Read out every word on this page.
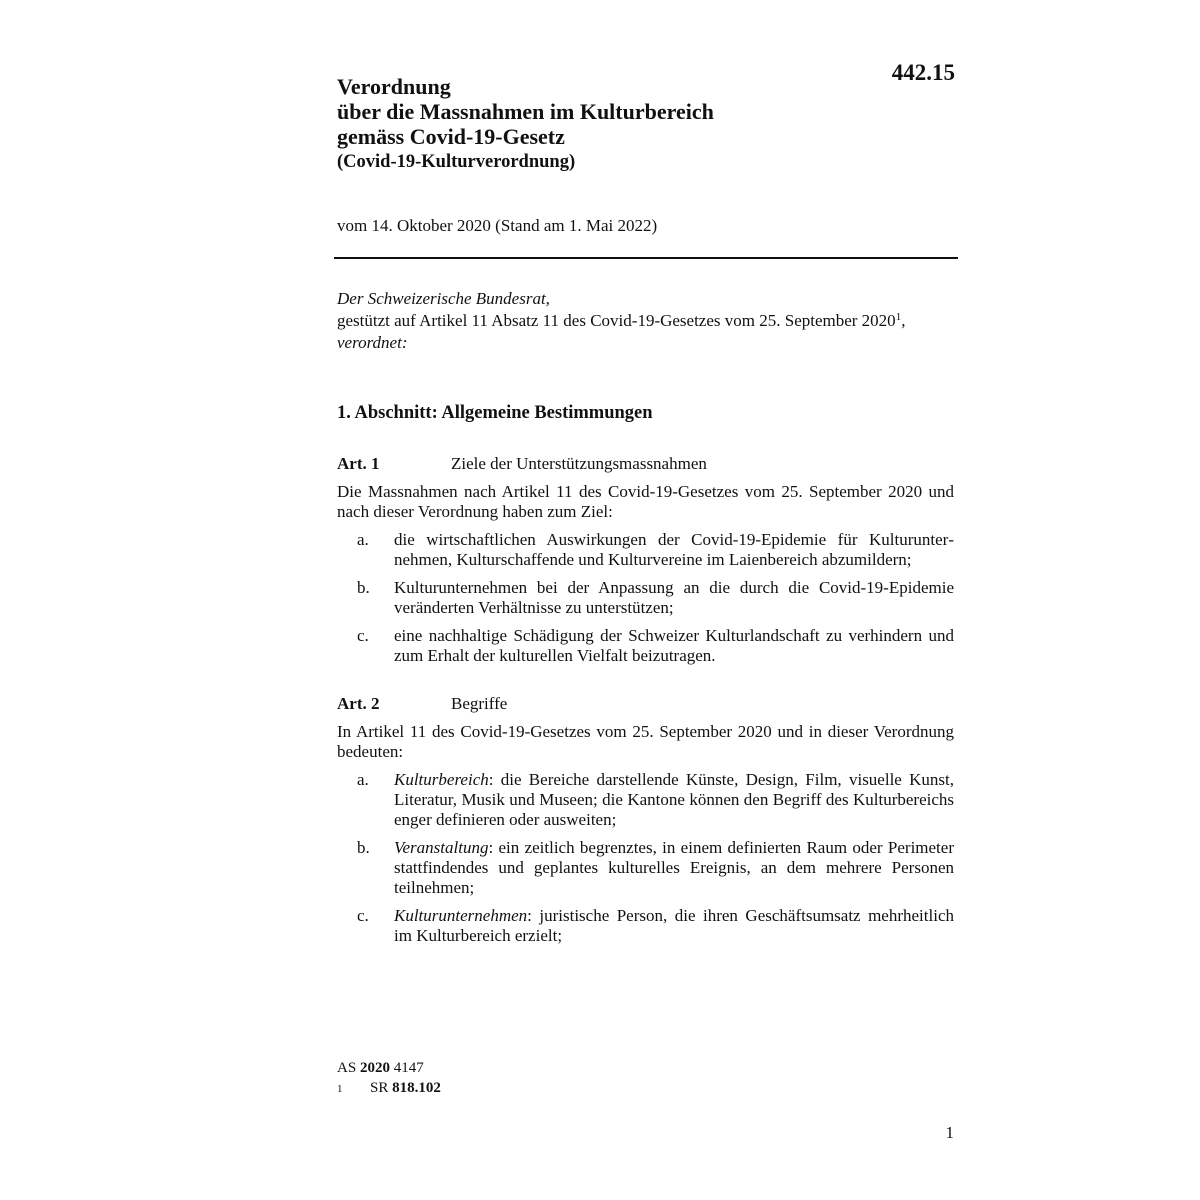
442.15
Verordnung
über die Massnahmen im Kulturbereich
gemäss Covid-19-Gesetz
(Covid-19-Kulturverordnung)
vom 14. Oktober 2020 (Stand am 1. Mai 2022)
Der Schweizerische Bundesrat,
gestützt auf Artikel 11 Absatz 11 des Covid-19-Gesetzes vom 25. September 2020$^1$,
verordnet:
1. Abschnitt: Allgemeine Bestimmungen
Art. 1	Ziele der Unterstützungsmassnahmen
Die Massnahmen nach Artikel 11 des Covid-19-Gesetzes vom 25. September 2020 und nach dieser Verordnung haben zum Ziel:
a.	die wirtschaftlichen Auswirkungen der Covid-19-Epidemie für Kulturunternehmen, Kulturschaffende und Kulturvereine im Laienbereich abzumildern;
b.	Kulturunternehmen bei der Anpassung an die durch die Covid-19-Epidemie veränderten Verhältnisse zu unterstützen;
c.	eine nachhaltige Schädigung der Schweizer Kulturlandschaft zu verhindern und zum Erhalt der kulturellen Vielfalt beizutragen.
Art. 2	Begriffe
In Artikel 11 des Covid-19-Gesetzes vom 25. September 2020 und in dieser Verordnung bedeuten:
a.	Kulturbereich: die Bereiche darstellende Künste, Design, Film, visuelle Kunst, Literatur, Musik und Museen; die Kantone können den Begriff des Kulturbereichs enger definieren oder ausweiten;
b.	Veranstaltung: ein zeitlich begrenztes, in einem definierten Raum oder Perimeter stattfindendes und geplantes kulturelles Ereignis, an dem mehrere Personen teilnehmen;
c.	Kulturunternehmen: juristische Person, die ihren Geschäftsumsatz mehrheitlich im Kulturbereich erzielt;
AS 2020 4147
1	SR 818.102
1
